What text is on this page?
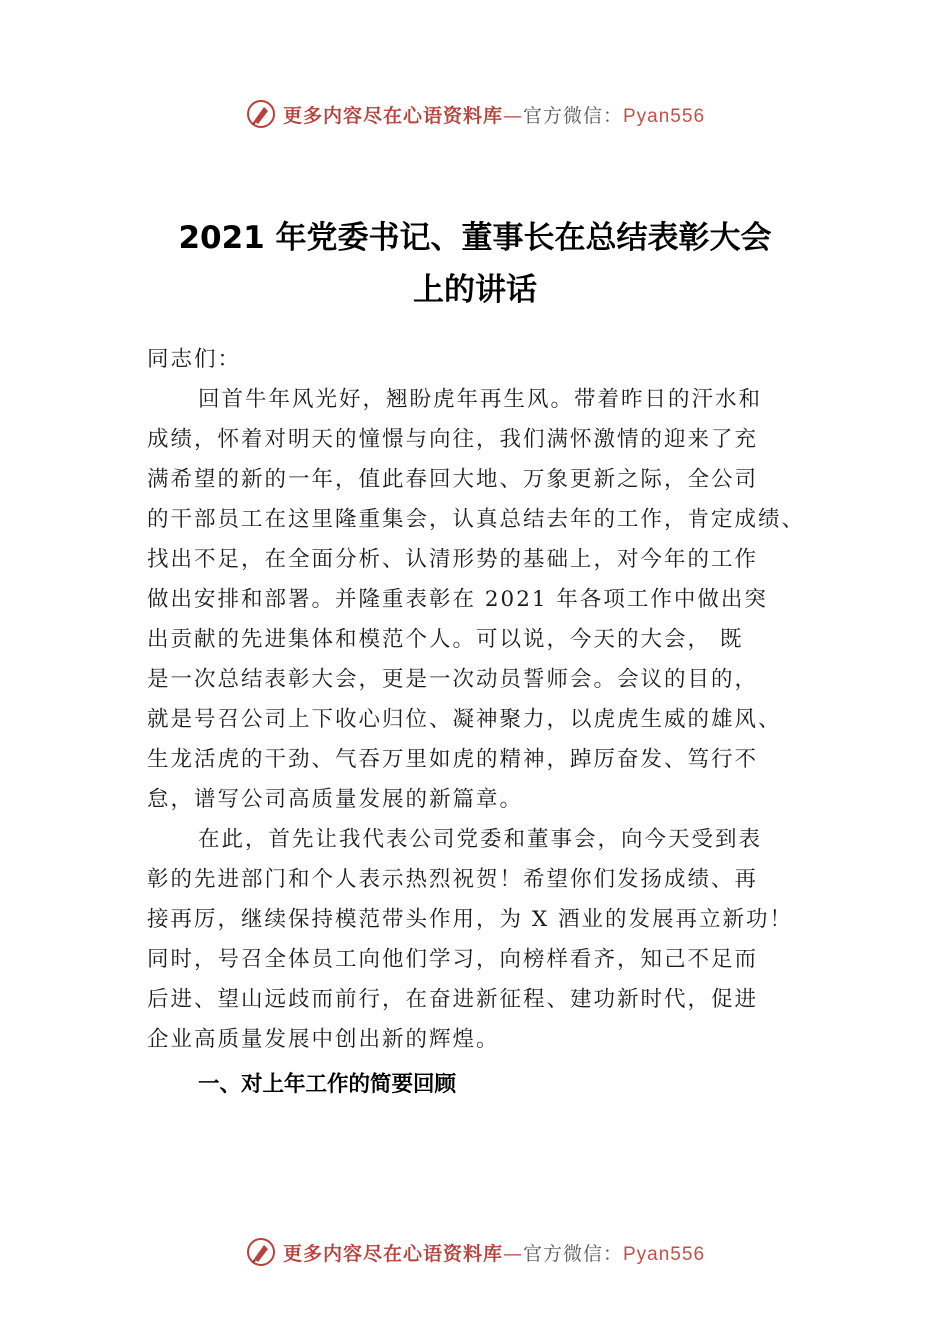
更多内容尽在心语资料库—官方微信：Pyan556
2021 年党委书记、董事长在总结表彰大会
上的讲话
同志们：
回首牛年风光好，翘盼虎年再生风。带着昨日的汗水和
成绩，怀着对明天的憧憬与向往，我们满怀激情的迎来了充
满希望的新的一年，值此春回大地、万象更新之际，全公司
的干部员工在这里隆重集会，认真总结去年的工作，肯定成绩、
找出不足，在全面分析、认清形势的基础上，对今年的工作
做出安排和部署。并隆重表彰在 2021 年各项工作中做出突
出贡献的先进集体和模范个人。可以说，今天的大会， 既
是一次总结表彰大会，更是一次动员誓师会。会议的目的，
就是号召公司上下收心归位、凝神聚力，以虎虎生威的雄风、
生龙活虎的干劲、气吞万里如虎的精神，踔厉奋发、笃行不
怠，谱写公司高质量发展的新篇章。
在此，首先让我代表公司党委和董事会，向今天受到表
彰的先进部门和个人表示热烈祝贺！希望你们发扬成绩、再
接再厉，继续保持模范带头作用，为 X 酒业的发展再立新功！
同时，号召全体员工向他们学习，向榜样看齐，知己不足而
后进、望山远歧而前行，在奋进新征程、建功新时代，促进
企业高质量发展中创出新的辉煌。
一、对上年工作的简要回顾
更多内容尽在心语资料库—官方微信：Pyan556
